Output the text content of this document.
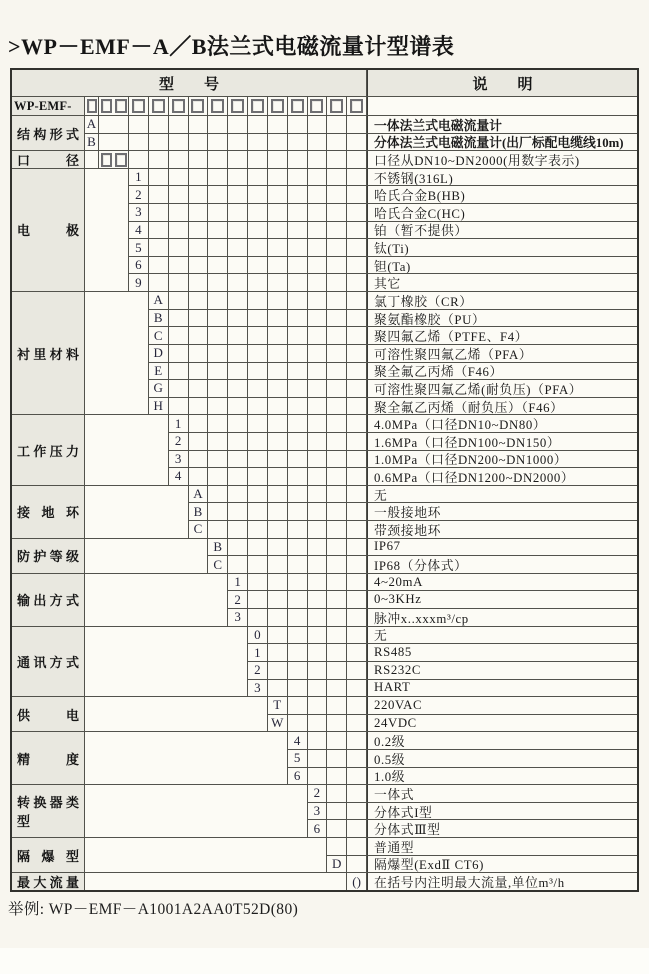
>WP－EMF－A／B法兰式电磁流量计型谱表
型　　号	说　　明
WP-EMF-
结构形式
A	一体法兰式电磁流量计
B	分体法兰式电磁流量计(出厂标配电缆线10m)
口径	口径从DN10~DN2000(用数字表示)
电极
1	不锈钢(316L)
2	哈氏合金B(HB)
3	哈氏合金C(HC)
4	铂（暂不提供）
5	钛(Ti)
6	钽(Ta)
9	其它
衬里材料
A	氯丁橡胶（CR）
B	聚氨酯橡胶（PU）
C	聚四氟乙烯（PTFE、F4）
D	可溶性聚四氟乙烯（PFA）
E	聚全氟乙丙烯（F46）
G	可溶性聚四氟乙烯(耐负压)（PFA）
H	聚全氟乙丙烯（耐负压）（F46）
工作压力
1	4.0MPa（口径DN10~DN80）
2	1.6MPa（口径DN100~DN150）
3	1.0MPa（口径DN200~DN1000）
4	0.6MPa（口径DN1200~DN2000）
接地环
A	无
B	一般接地环
C	带颈接地环
防护等级
B	IP67
C	IP68（分体式）
输出方式
1	4~20mA
2	0~3KHz
3	脉冲x..xxxm³/cp
通讯方式
0	无
1	RS485
2	RS232C
3	HART
供电
T	220VAC
W	24VDC
精度
4	0.2级
5	0.5级
6	1.0级
转换器类型
2	一体式
3	分体式I型
6	分体式Ⅲ型
隔爆型
普通型
D	隔爆型(ExdⅡ CT6)
最大流量	()	在括号内注明最大流量,单位m³/h
举例: WP－EMF－A1001A2AA0T52D(80)
